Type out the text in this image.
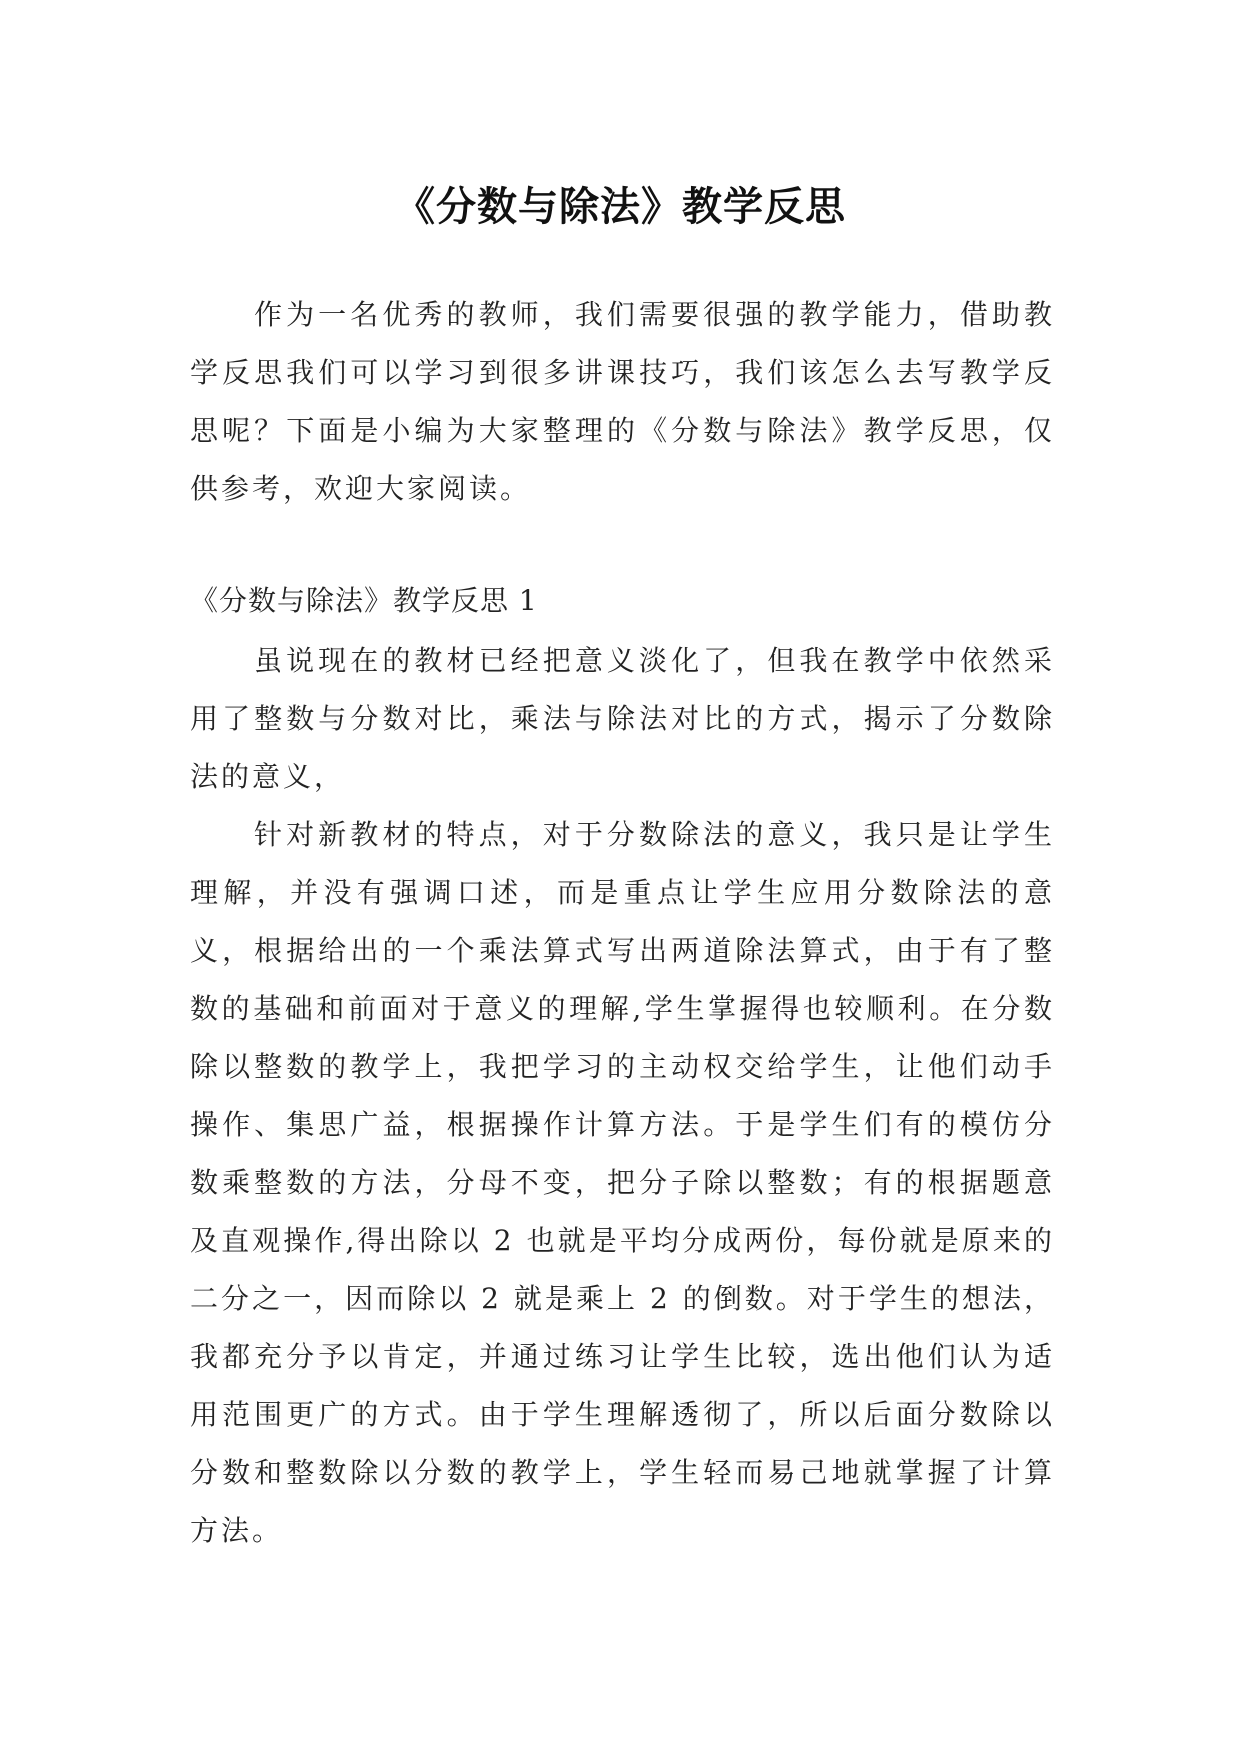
《分数与除法》教学反思

作为一名优秀的教师，我们需要很强的教学能力，借助教学反思我们可以学习到很多讲课技巧，我们该怎么去写教学反思呢？下面是小编为大家整理的《分数与除法》教学反思，仅供参考，欢迎大家阅读。

《分数与除法》教学反思 1

虽说现在的教材已经把意义淡化了，但我在教学中依然采用了整数与分数对比，乘法与除法对比的方式，揭示了分数除法的意义，

针对新教材的特点，对于分数除法的意义，我只是让学生理解，并没有强调口述，而是重点让学生应用分数除法的意义，根据给出的一个乘法算式写出两道除法算式，由于有了整数的基础和前面对于意义的理解,学生掌握得也较顺利。在分数除以整数的教学上，我把学习的主动权交给学生，让他们动手操作、集思广益，根据操作计算方法。于是学生们有的模仿分数乘整数的方法，分母不变，把分子除以整数；有的根据题意及直观操作,得出除以 2 也就是平均分成两份，每份就是原来的二分之一，因而除以 2 就是乘上 2 的倒数。对于学生的想法，我都充分予以肯定，并通过练习让学生比较，选出他们认为适用范围更广的方式。由于学生理解透彻了，所以后面分数除以分数和整数除以分数的教学上，学生轻而易己地就掌握了计算方法。
